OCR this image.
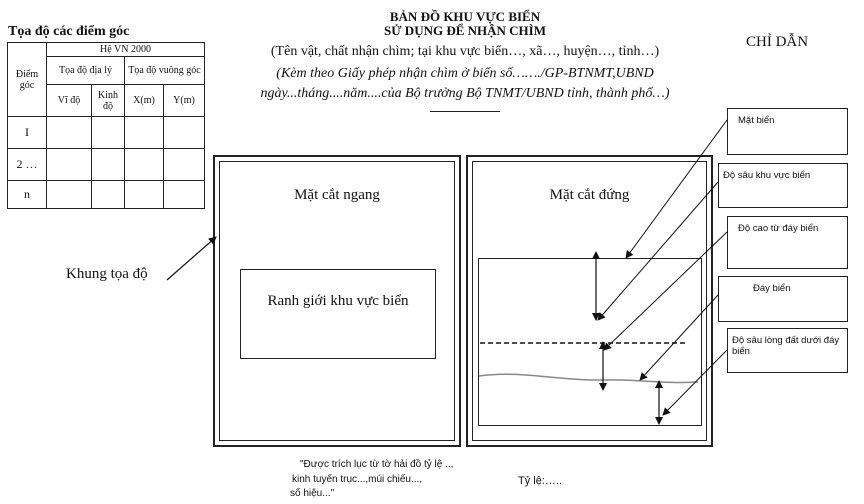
Tọa độ các điểm góc
Điểm góc	Hệ VN 2000			
	Tọa độ địa lý		Tọa độ vuông góc	
	Vĩ độ	Kinh độ	X(m)	Y(m)
I				
2 …				
n				
BẢN ĐỒ KHU VỰC BIỂN
SỬ DỤNG ĐỂ NHẬN CHÌM
(Tên vật, chất nhận chìm; tại khu vực biển…, xã…, huyện…, tỉnh…)
(Kèm theo Giấy phép nhận chìm ở biển số……./GP-BTNMT,UBND
ngày...tháng....năm....của Bộ trưởng Bộ TNMT/UBND tỉnh, thành phố…)
CHỈ DẪN
Khung tọa độ
Mặt cắt ngang
Ranh giới khu vực biển
Mặt cắt đứng
Mặt biển
Độ sâu khu vực biển
Độ cao từ đáy biển
Đáy biển
Độ sâu lòng đất dưới đáy biển
"Được trích lục từ tờ hải đồ tỷ lệ ..,
kinh tuyến trục...,múi chiếu...,
số hiệu..."
Tỷ lệ:…..
